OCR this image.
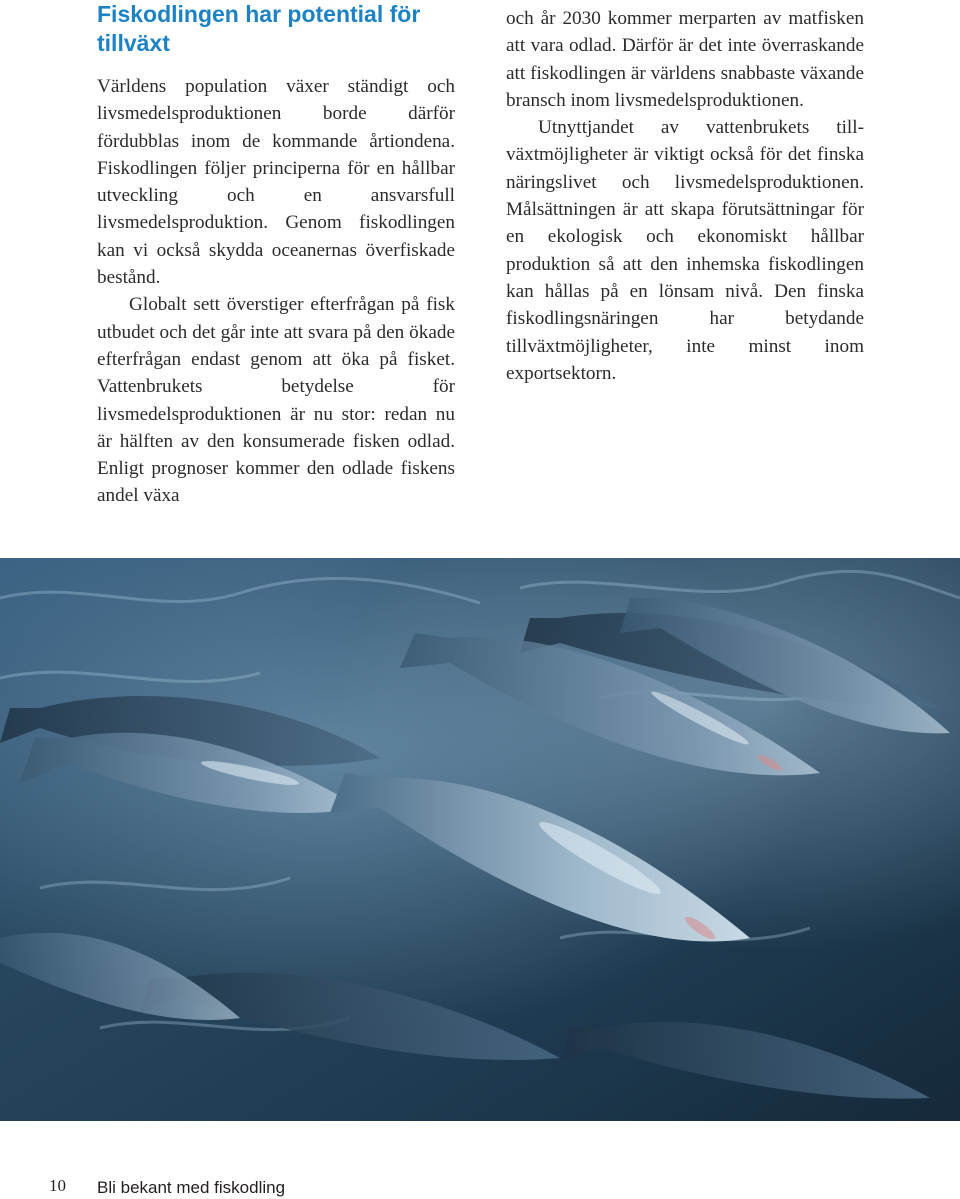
Fiskodlingen har potential för tillväxt

Världens population växer ständigt och livsmedelsproduktionen borde därför fördubblas inom de kommande årtiondena. Fiskodlingen följer principerna för en hållbar utveckling och en ansvarsfull livsmedelsproduktion. Genom fiskodlingen kan vi också skydda oceanernas överfiskade bestånd.

Globalt sett överstiger efterfrågan på fisk utbudet och det går inte att svara på den ökade efterfrågan endast genom att öka på fisket. Vattenbrukets betydelse för livsmedelsproduktionen är nu stor: redan nu är hälften av den konsumerade fisken odlad. Enligt prognoser kommer den odlade fiskens andel växa

och år 2030 kommer merparten av matfisken att vara odlad. Därför är det inte överraskande att fiskodlingen är världens snabbaste växande bransch inom livsmedelsproduktionen.

Utnyttjandet av vattenbrukets tillväxtmöjligheter är viktigt också för det finska näringslivet och livsmedelsproduktionen. Målsättningen är att skapa förutsättningar för en ekologisk och ekonomiskt hållbar produktion så att den inhemska fiskodlingen kan hållas på en lönsam nivå. Den finska fiskodlingsnäringen har betydande tillväxtmöjligheter, inte minst inom exportsektorn.

10 Bli bekant med fiskodling
